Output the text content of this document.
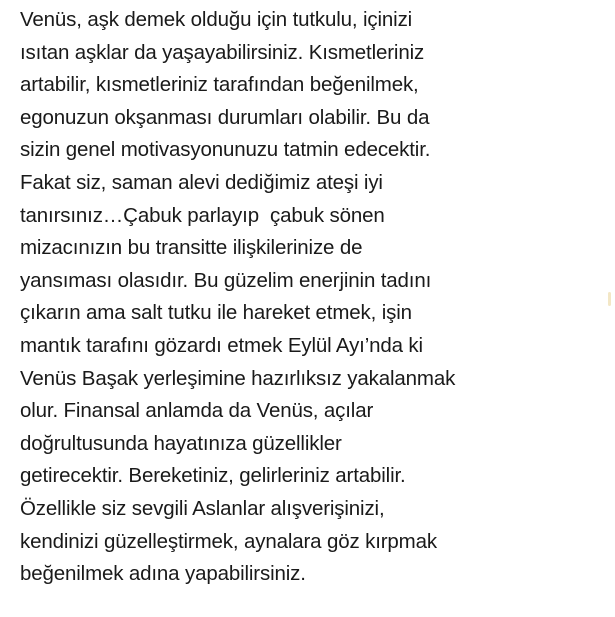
Venüs, aşk demek olduğu için tutkulu, içinizi
ısıtan aşklar da yaşayabilirsiniz. Kısmetleriniz
artabilir, kısmetleriniz tarafından beğenilmek,
egonuzun okşanması durumları olabilir. Bu da
sizin genel motivasyonunuzu tatmin edecektir.
Fakat siz, saman alevi dediğimiz ateşi iyi
tanırsınız…Çabuk parlayıp  çabuk sönen
mizacınızın bu transitte ilişkilerinize de
yansıması olasıdır. Bu güzelim enerjinin tadını
çıkarın ama salt tutku ile hareket etmek, işin
mantık tarafını gözardı etmek Eylül Ayı’nda ki
Venüs Başak yerleşimine hazırlıksız yakalanmak
olur. Finansal anlamda da Venüs, açılar
doğrultusunda hayatınıza güzellikler
getirecektir. Bereketiniz, gelirleriniz artabilir.
Özellikle siz sevgili Aslanlar alışverişinizi,
kendinizi güzelleştirmek, aynalara göz kırpmak
beğenilmek adına yapabilirsiniz.
